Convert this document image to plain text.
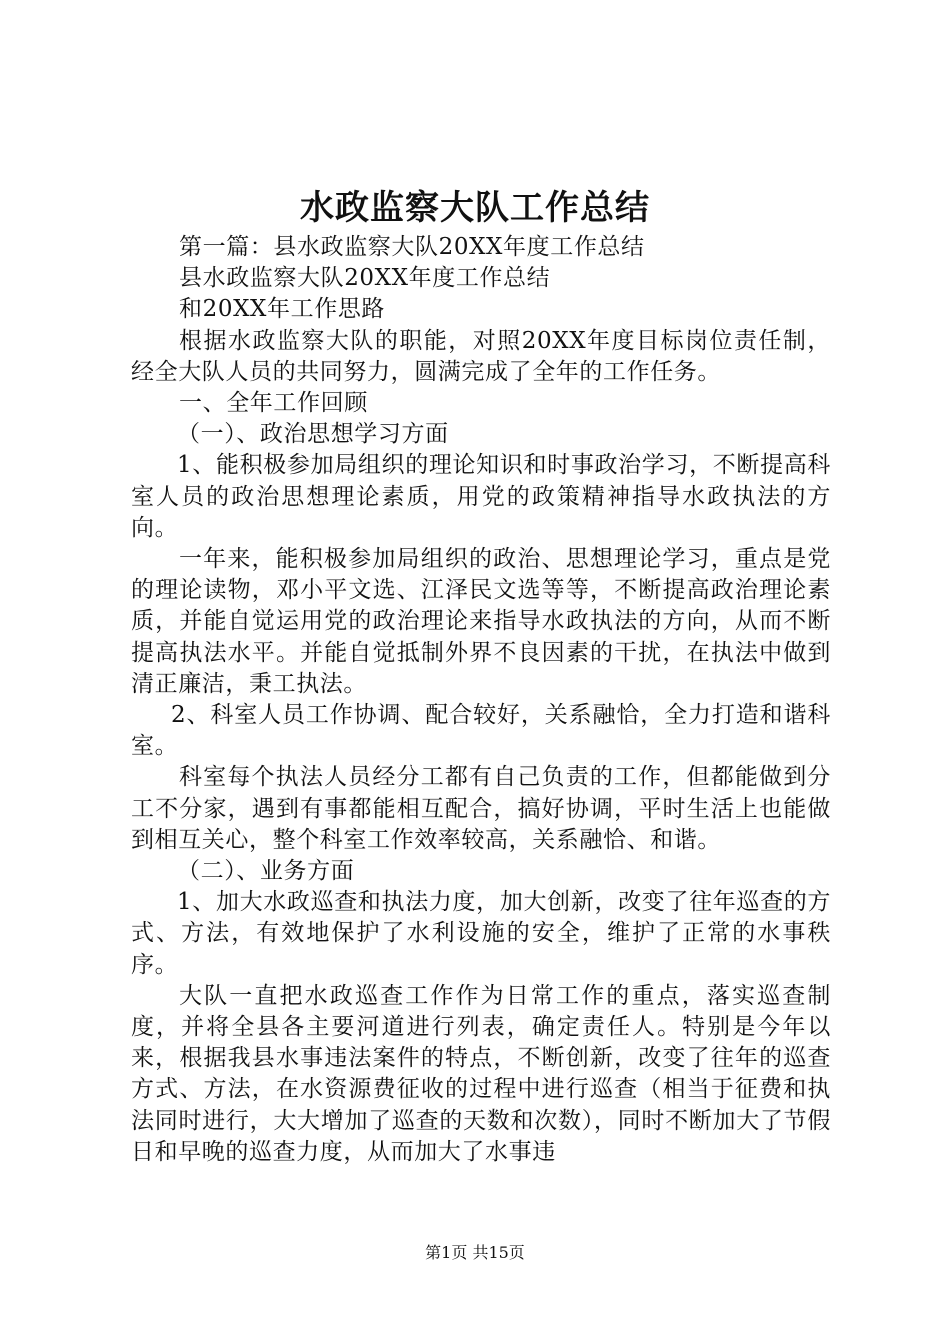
水政监察大队工作总结

第一篇：县水政监察大队20XX年度工作总结

县水政监察大队20XX年度工作总结

和20XX年工作思路

根据水政监察大队的职能，对照20XX年度目标岗位责任制，经全大队人员的共同努力，圆满完成了全年的工作任务。

一、全年工作回顾

（一）、政治思想学习方面

1、能积极参加局组织的理论知识和时事政治学习，不断提高科室人员的政治思想理论素质，用党的政策精神指导水政执法的方向。

一年来，能积极参加局组织的政治、思想理论学习，重点是党的理论读物，邓小平文选、江泽民文选等等，不断提高政治理论素质，并能自觉运用党的政治理论来指导水政执法的方向，从而不断提高执法水平。并能自觉抵制外界不良因素的干扰，在执法中做到清正廉洁，秉工执法。

2、科室人员工作协调、配合较好，关系融恰，全力打造和谐科室。

科室每个执法人员经分工都有自己负责的工作，但都能做到分工不分家，遇到有事都能相互配合，搞好协调，平时生活上也能做到相互关心，整个科室工作效率较高，关系融恰、和谐。

（二）、业务方面

1、加大水政巡查和执法力度，加大创新，改变了往年巡查的方式、方法，有效地保护了水利设施的安全，维护了正常的水事秩序。

大队一直把水政巡查工作作为日常工作的重点，落实巡查制度，并将全县各主要河道进行列表，确定责任人。特别是今年以来，根据我县水事违法案件的特点，不断创新，改变了往年的巡查方式、方法，在水资源费征收的过程中进行巡查（相当于征费和执法同时进行，大大增加了巡查的天数和次数），同时不断加大了节假日和早晚的巡查力度，从而加大了水事违

第1页 共15页
